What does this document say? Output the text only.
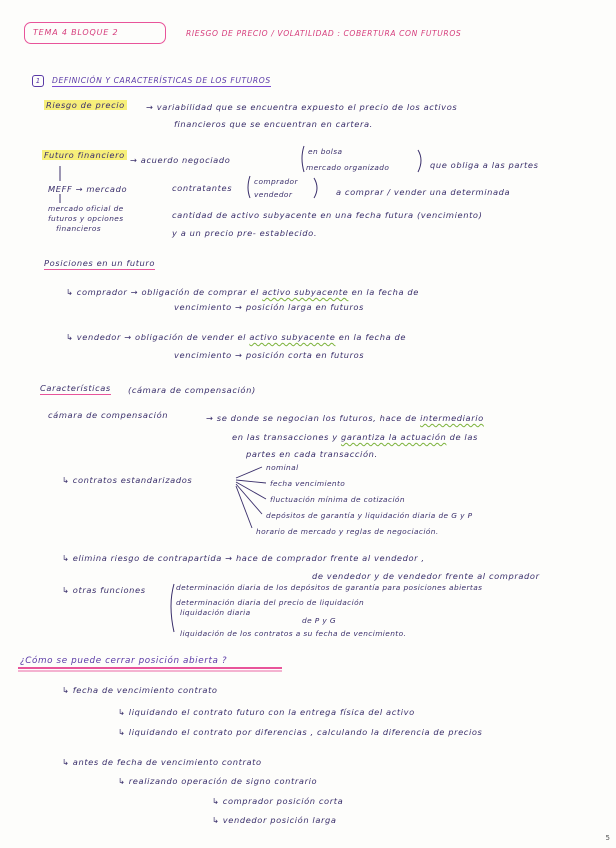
TEMA 4 BLOQUE 2	RIESGO DE PRECIO / VOLATILIDAD : COBERTURA CON FUTUROS
1	DEFINICIÓN Y CARACTERÍSTICAS DE LOS FUTUROS
Riesgo de precio	→ variabilidad que se encuentra expuesto el precio de los activos
financieros que se encuentran en cartera.
Futuro financiero → acuerdo negociado
en bolsa
mercado organizado	que obliga a las partes
MEFF → mercado
mercado oficial de
futuros y opciones
financieros
contratantes
comprador
vendedor	a comprar / vender una determinada
cantidad de activo subyacente en una fecha futura (vencimiento)
y a un precio pre- establecido.
Posiciones en un futuro
↳ comprador → obligación de comprar el activo subyacente en la fecha de
vencimiento → posición larga en futuros
↳ vendedor → obligación de vender el activo subyacente en la fecha de
vencimiento → posición corta en futuros
Características (cámara de compensación)
cámara de compensación	→ se donde se negocian los futuros, hace de intermediario
en las transacciones y garantiza la actuación de las
partes en cada transacción.
↳ contratos estandarizados
nominal
fecha vencimiento
fluctuación mínima de cotización
depósitos de garantía y liquidación diaria de G y P
horario de mercado y reglas de negociación.
↳ elimina riesgo de contrapartida → hace de comprador frente al vendedor ,
de vendedor y de vendedor frente al comprador
↳ otras funciones	determinación diaria de los depósitos de garantía para posiciones abiertas
determinación diaria del precio de liquidación
liquidación diaria
de P y G
liquidación de los contratos a su fecha de vencimiento.
¿Cómo se puede cerrar posición abierta ?
↳ fecha de vencimiento contrato
↳ liquidando el contrato futuro con la entrega física del activo
↳ liquidando el contrato por diferencias , calculando la diferencia de precios
↳ antes de fecha de vencimiento contrato
↳ realizando operación de signo contrario
↳ comprador posición corta
↳ vendedor posición larga
5
